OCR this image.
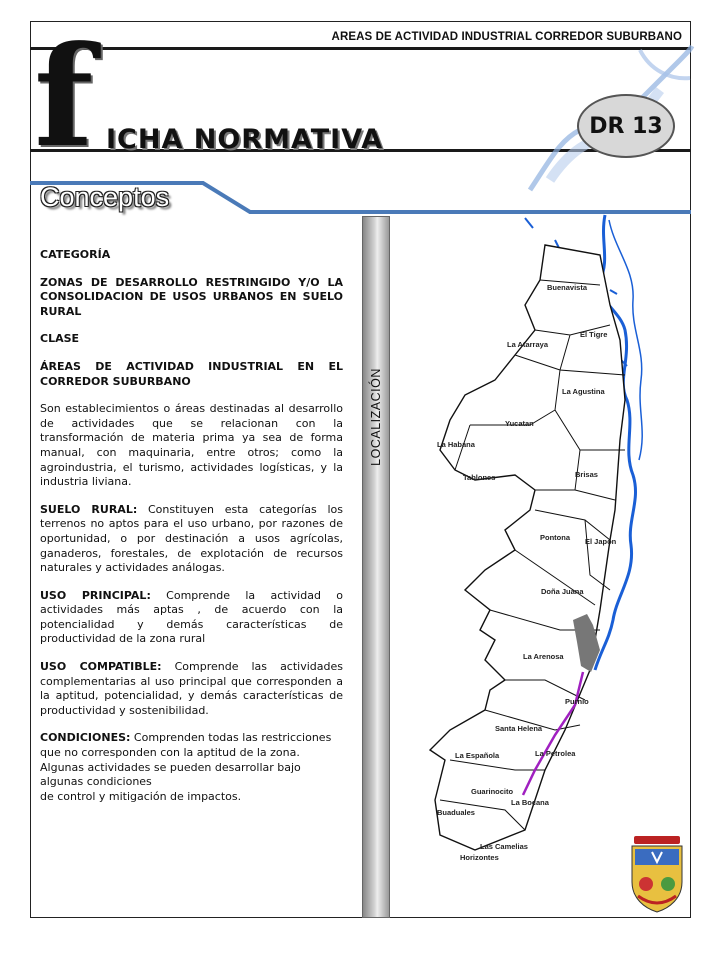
AREAS DE ACTIVIDAD INDUSTRIAL CORREDOR SUBURBANO
f ICHA NORMATIVA	DR 13
Conceptos

CATEGORÍA

ZONAS DE DESARROLLO RESTRINGIDO Y/O LA CONSOLIDACION DE USOS URBANOS EN SUELO RURAL

CLASE

ÁREAS DE ACTIVIDAD INDUSTRIAL EN EL CORREDOR SUBURBANO

Son establecimientos o áreas destinadas al desarrollo de actividades que se relacionan con la transformación de materia prima ya sea de forma manual, con maquinaria, entre otros; como la agroindustria, el turismo, actividades logísticas, y la industria liviana.

SUELO RURAL: Constituyen esta categorías los terrenos no aptos para el uso urbano, por razones de oportunidad, o por destinación a usos agrícolas, ganaderos, forestales, de explotación de recursos naturales y actividades análogas.

USO PRINCIPAL: Comprende la actividad o actividades más aptas , de acuerdo con la potencialidad y demás características de productividad de la zona rural

USO COMPATIBLE: Comprende las actividades complementarias al uso principal que corresponden a la aptitud, potencialidad, y demás características de productividad y sostenibilidad.

CONDICIONES: Comprenden todas las restricciones que no corresponden con la aptitud de la zona. Algunas actividades se pueden desarrollar bajo algunas condiciones
de control y mitigación de impactos.

LOCALIZACIÓN
Buenavista
El Tigre
La Atarraya
La Agustina
Yucatan
La Habana
Tablones	Brisas
Pontona El Japon
Doña Juana
La Arenosa
Purnio
Santa Helena
La Española	La Petrolea
Guarinocito
La Bocana
Buaduales
Las Camelias
Horizontes
